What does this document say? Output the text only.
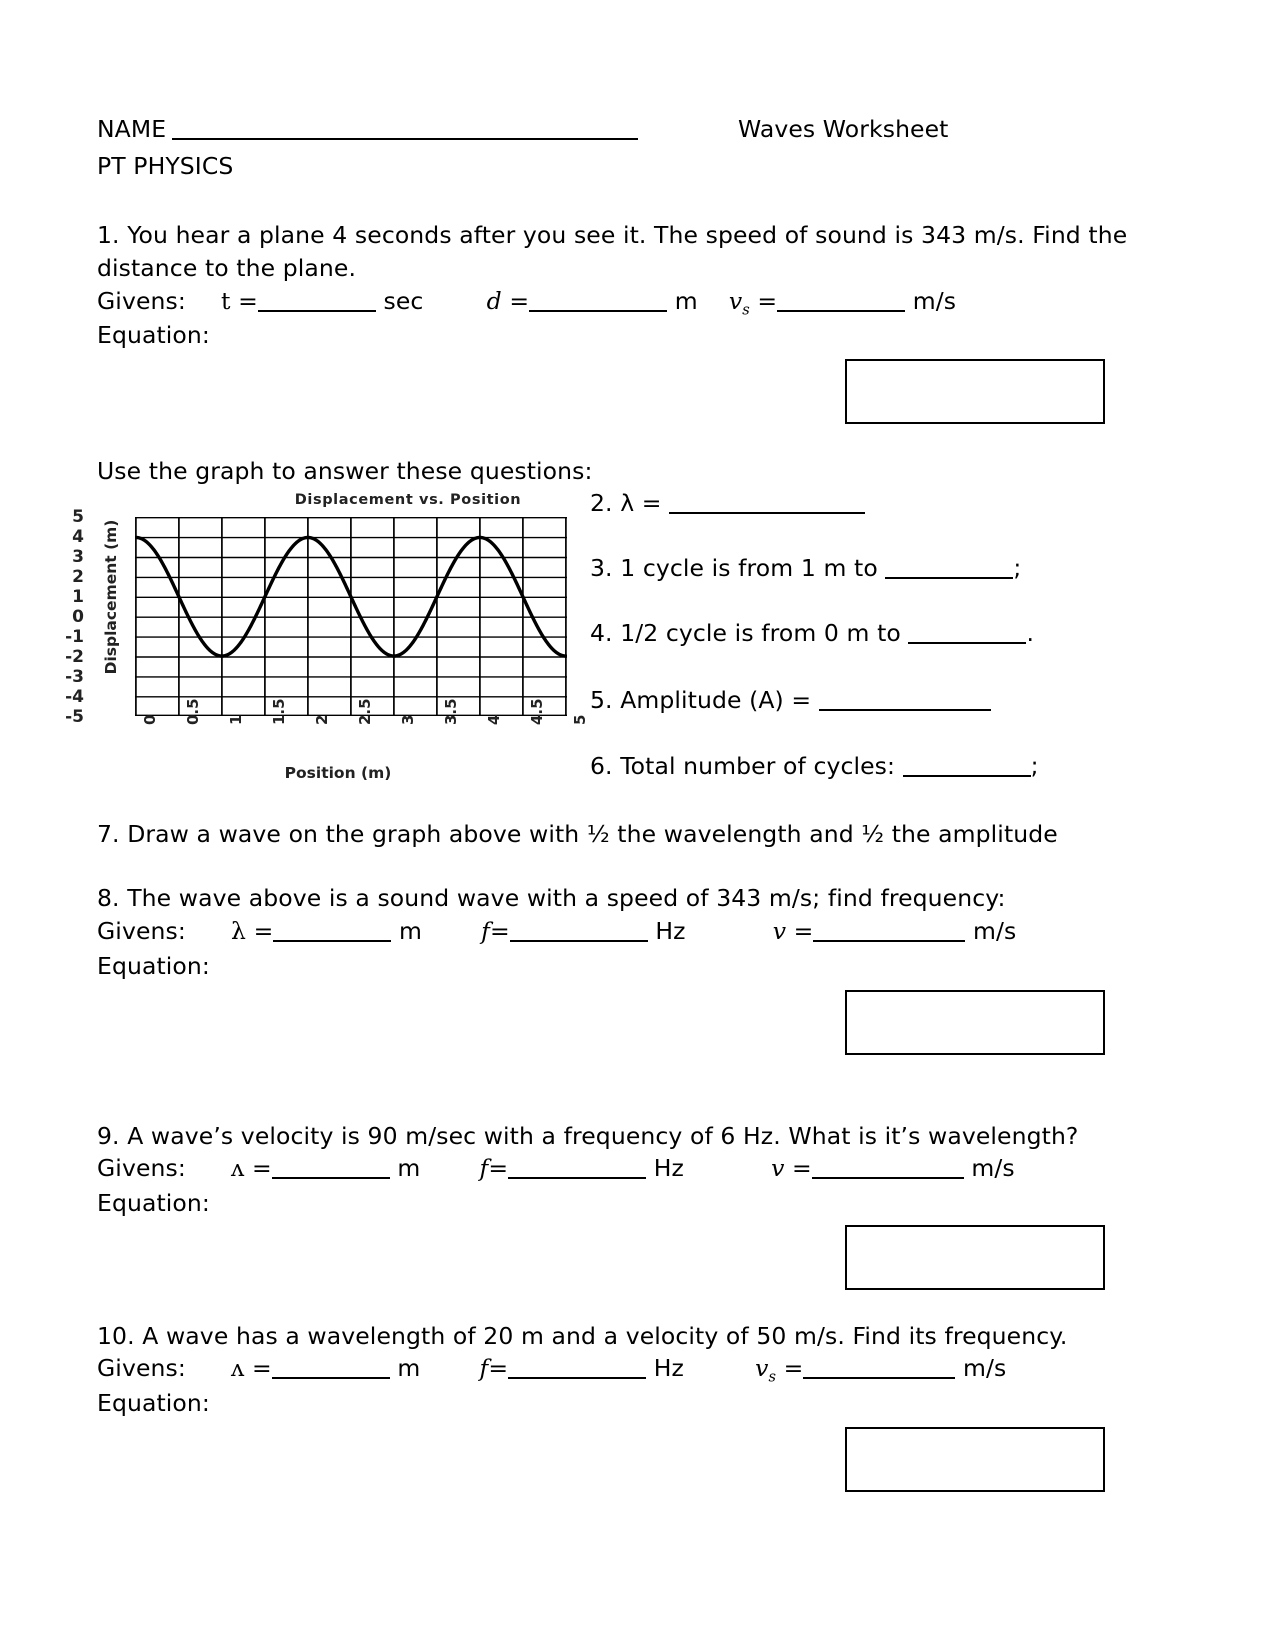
NAME	Waves Worksheet
PT PHYSICS
1. You hear a plane 4 seconds after you see it. The speed of sound is 343 m/s. Find the
distance to the plane.
Givens: t =	sec	d =	m $v_s$ =	m/s
Equation:
Use the graph to answer these questions:
Displacement vs. Position
Displacement (m)
Position (m)
5
4
3
2
1
0
-1
-2
-3
-4
-5	0 0.5 1 1.5 2 2.5 3 3.5 4 4.5 5
2. λ =
3. 1 cycle is from 1 m to	;
4. 1/2 cycle is from 0 m to	.
5. Amplitude (A) =
6. Total number of cycles:	;
7. Draw a wave on the graph above with ½ the wavelength and ½ the amplitude
8. The wave above is a sound wave with a speed of 343 m/s; find frequency:
Givens: λ =	m	f=	Hz	v =	m/s
Equation:
9. A wave’s velocity is 90 m/sec with a frequency of 6 Hz. What is it’s wavelength?
Givens: ʌ =	m	f=	Hz	v =	m/s
Equation:
10. A wave has a wavelength of 20 m and a velocity of 50 m/s. Find its frequency.
Givens: ʌ =	m	f=	Hz	$v_s$ =	m/s
Equation:
